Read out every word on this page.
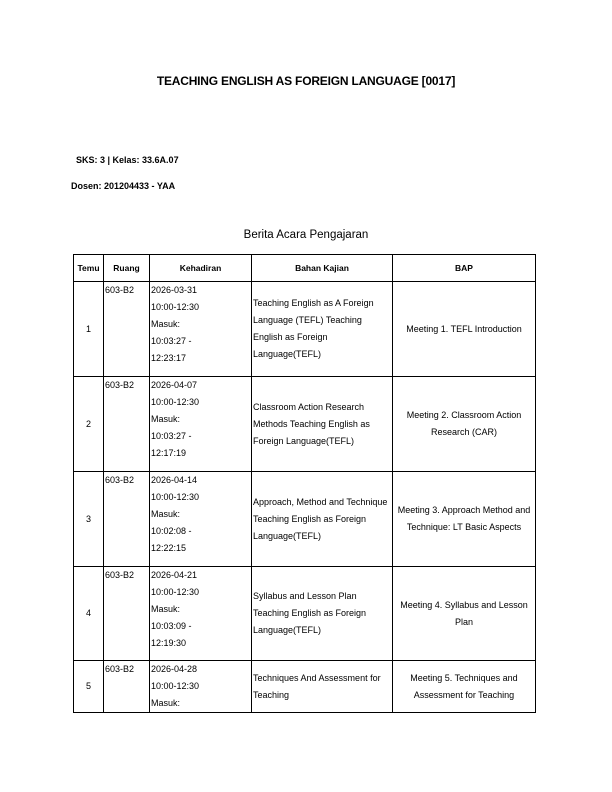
TEACHING ENGLISH AS FOREIGN LANGUAGE [0017]
SKS: 3 | Kelas: 33.6A.07
Dosen: 201204433 - YAA
Berita Acara Pengajaran
Temu	Ruang	Kehadiran	Bahan Kajian	BAP
1	603-B2	2026-03-31
10:00-12:30
Masuk:
10:03:27 -
12:23:17	Teaching English as A Foreign Language (TEFL) Teaching English as Foreign Language(TEFL)	Meeting 1. TEFL Introduction
2	603-B2	2026-04-07
10:00-12:30
Masuk:
10:03:27 -
12:17:19	Classroom Action Research Methods Teaching English as Foreign Language(TEFL)	Meeting 2. Classroom Action Research (CAR)
3	603-B2	2026-04-14
10:00-12:30
Masuk:
10:02:08 -
12:22:15	Approach, Method and Technique Teaching English as Foreign Language(TEFL)	Meeting 3. Approach Method and Technique: LT Basic Aspects
4	603-B2	2026-04-21
10:00-12:30
Masuk:
10:03:09 -
12:19:30	Syllabus and Lesson Plan Teaching English as Foreign Language(TEFL)	Meeting 4. Syllabus and Lesson Plan
5	603-B2	2026-04-28
10:00-12:30
Masuk:	Techniques And Assessment for Teaching	Meeting 5. Techniques and Assessment for Teaching
